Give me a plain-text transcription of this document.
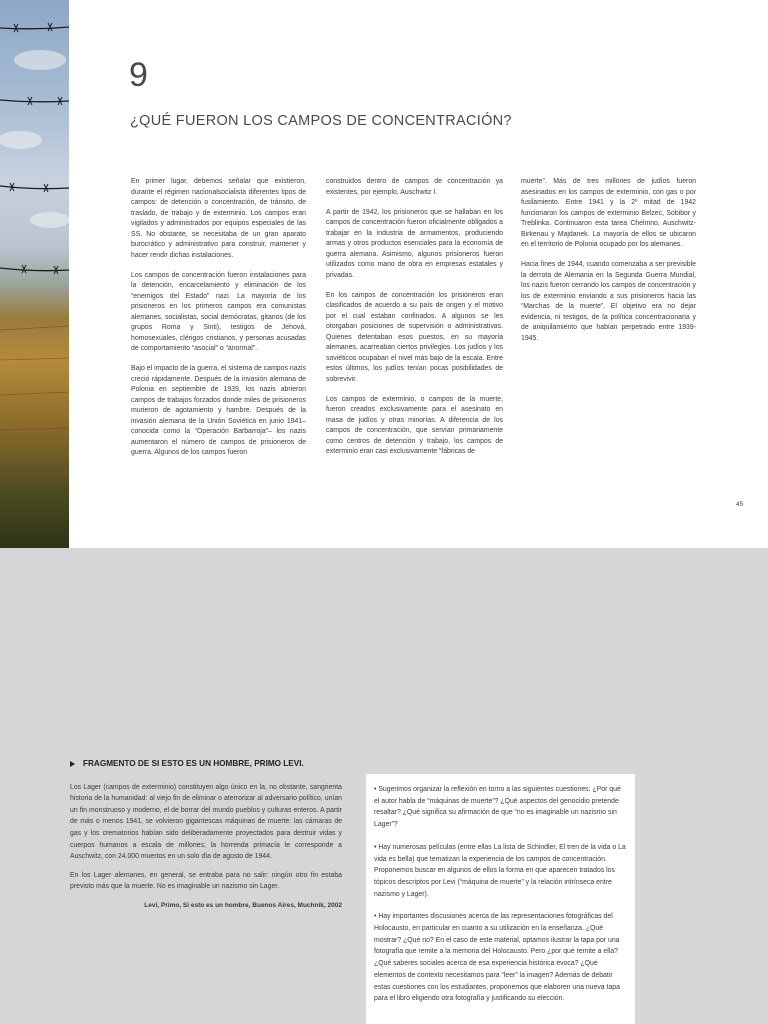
9
¿QUÉ FUERON LOS CAMPOS DE CONCENTRACIÓN?

En primer lugar, debemos señalar que existieron, durante el régimen nacionalsocialista diferentes tipos de campos: de detención o concentración, de tránsito, de traslado, de trabajo y de exterminio. Los campos eran vigilados y administrados por equipos especiales de las SS. No obstante, se necesitaba de un gran aparato burocrático y administrativo para construir, mantener y hacer rendir dichas instalaciones.

Los campos de concentración fueron instalaciones para la detención, encarcelamiento y eliminación de los “enemigos del Estado” nazi. La mayoría de los prisioneros en los primeros campos era comunistas alemanes, socialistas, social demócratas, gitanos (de los grupos Roma y Sinti), testigos de Jehová, homosexuales, clérigos cristianos, y personas acusadas de comportamiento “asocial” o “anormal”.

Bajo el impacto de la guerra, el sistema de campos nazis creció rápidamente. Después de la invasión alemana de Polonia en septiembre de 1939, los nazis abrieron campos de trabajos forzados donde miles de prisioneros murieron de agotamiento y hambre. Después de la invasión alemana de la Unión Soviética en junio 1941–conocida como la “Operación Barbarroja”– los nazis aumentaron el número de campos de prisioneros de guerra. Algunos de los campos fueron

construidos dentro de campos de concentración ya existentes, por ejemplo, Auschwitz I.

A partir de 1942, los prisioneros que se hallaban en los campos de concentración fueron oficialmente obligados a trabajar en la industria de armamentos, produciendo armas y otros productos esenciales para la economía de guerra alemana. Asimismo, algunos prisioneros fueron utilizados como mano de obra en empresas estatales y privadas.

En los campos de concentración los prisioneros eran clasificados de acuerdo a su país de origen y el motivo por el cual estaban confinados. A algunos se les otorgaban posiciones de supervisión o administrativas. Quienes detentaban esos puestos, en su mayoría alemanes, acarreaban ciertos privilegios. Los judíos y los soviéticos ocupaban el nivel más bajo de la escala. Entre estos últimos, los judíos tenían pocas posibilidades de sobrevivir.

Los campos de exterminio, o campos de la muerte, fueron creados exclusivamente para el asesinato en masa de judíos y otras minorías. A diferencia de los campos de concentración, que servían primariamente como centros de detención y trabajo, los campos de exterminio eran casi exclusivamente “fábricas de

muerte”. Más de tres millones de judíos fueron asesinados en los campos de exterminio, con gas o por fusilamiento. Entre 1941 y la 2º mitad de 1942 funcionaron los campos de exterminio Belzec, Sobibor y Treblinka. Continuaron esta tarea Chelmno, Auschwitz-Birkenau y Majdanek. La mayoría de ellos se ubicaron en el territorio de Polonia ocupado por los alemanes.

Hacia fines de 1944, cuando comenzaba a ser previsible la derrota de Alemania en la Segunda Guerra Mundial, los nazis fueron cerrando los campos de concentración y los de exterminio enviando a sus prisioneros hacia las “Marchas de la muerte”. El objetivo era no dejar evidencia, ni testigos, de la política concentracionaria y de aniquilamiento que habían perpetrado entre 1939-1945.

45
FRAGMENTO DE SI ESTO ES UN HOMBRE, PRIMO LEVI.

Los Lager (campos de exterminio) constituyen algo único en la, no obstante, sangrienta historia de la humanidad: al viejo fin de eliminar o aterrorizar al adversario político, unían un fin monstruoso y moderno, el de borrar del mundo pueblos y culturas enteros. A partir de más o menos 1941, se volvieron gigantescas máquinas de muerte: las cámaras de gas y los crematorios habían sido deliberadamente proyectados para destruir vidas y cuerpos humanos a escala de millones; la horrenda primacía le corresponde a Auschwitz, con 24.000 muertos en un solo día de agosto de 1944.

En los Lager alemanes, en general, se entraba para no salir: ningún otro fin estaba previsto más que la muerte. No es imaginable un nazismo sin Lager.

Levi, Primo, Si esto es un hombre, Buenos Aires, Muchnik, 2002

• Sugerimos organizar la reflexión en torno a las siguientes cuestiones: ¿Por qué el autor habla de “máquinas de muerte”? ¿Qué aspectos del genocidio pretende resaltar? ¿Qué significa su afirmación de que “no es imaginable un nazismo sin Lager”?

• Hay numerosas películas (entre ellas La lista de Schindler, El tren de la vida o La vida es bella) que tematizan la experiencia de los campos de concentración. Proponemos buscar en algunos de ellos la forma en que aparecen tratados los tópicos descriptos por Levi (“máquina de muerte” y la relación intrínseca entre nazismo y Lager).

• Hay importantes discusiones acerca de las representaciones fotográficas del Holocausto, en particular en cuanto a su utilización en la enseñanza. ¿Qué mostrar? ¿Qué no? En el caso de este material, optamos ilustrar la tapa por una fotografía que remite a la memoria del Holocausto. Pero ¿por qué remite a ella? ¿Qué saberes sociales acerca de esa experiencia histórica evoca? ¿Qué elementos de contexto necesitamos para “leer” la imagen? Además de debatir estas cuestiones con los estudiantes, proponemos que elaboren una nueva tapa para el libro eligiendo otra fotografía y justificando su elección.
